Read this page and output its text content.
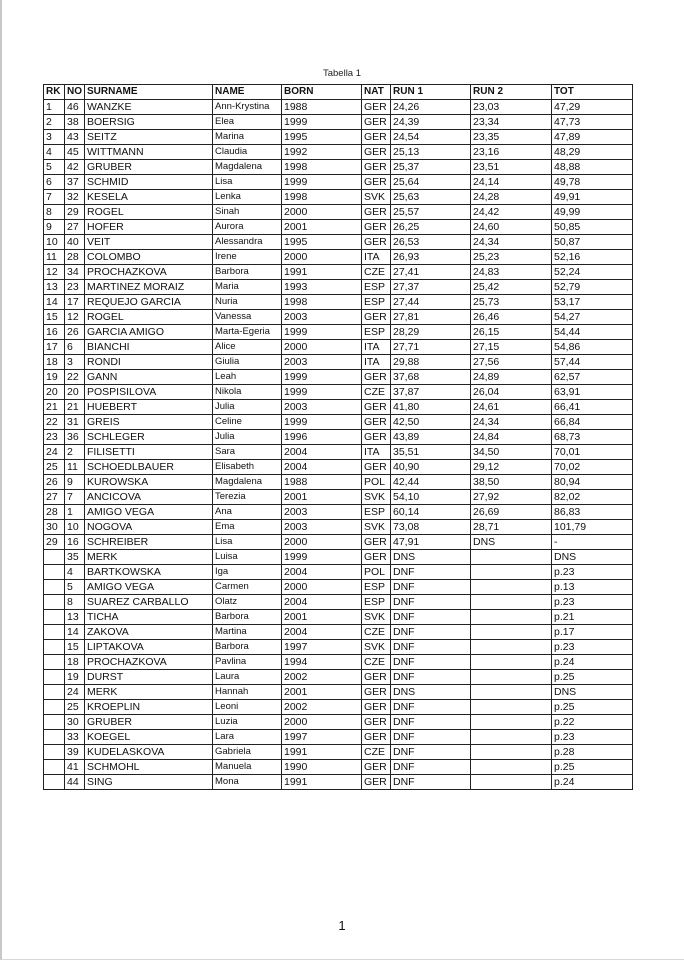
Tabella 1
RK	NO	SURNAME	NAME	BORN	NAT	RUN 1	RUN 2	TOT
1	46	WANZKE	Ann-Krystina	1988	GER	24,26	23,03	47,29
2	38	BOERSIG	Elea	1999	GER	24,39	23,34	47,73
3	43	SEITZ	Marina	1995	GER	24,54	23,35	47,89
4	45	WITTMANN	Claudia	1992	GER	25,13	23,16	48,29
5	42	GRUBER	Magdalena	1998	GER	25,37	23,51	48,88
6	37	SCHMID	Lisa	1999	GER	25,64	24,14	49,78
7	32	KESELA	Lenka	1998	SVK	25,63	24,28	49,91
8	29	ROGEL	Sinah	2000	GER	25,57	24,42	49,99
9	27	HOFER	Aurora	2001	GER	26,25	24,60	50,85
10	40	VEIT	Alessandra	1995	GER	26,53	24,34	50,87
11	28	COLOMBO	Irene	2000	ITA	26,93	25,23	52,16
12	34	PROCHAZKOVA	Barbora	1991	CZE	27,41	24,83	52,24
13	23	MARTINEZ MORAIZ	Maria	1993	ESP	27,37	25,42	52,79
14	17	REQUEJO GARCIA	Nuria	1998	ESP	27,44	25,73	53,17
15	12	ROGEL	Vanessa	2003	GER	27,81	26,46	54,27
16	26	GARCIA AMIGO	Marta-Egeria	1999	ESP	28,29	26,15	54,44
17	6	BIANCHI	Alice	2000	ITA	27,71	27,15	54,86
18	3	RONDI	Giulia	2003	ITA	29,88	27,56	57,44
19	22	GANN	Leah	1999	GER	37,68	24,89	62,57
20	20	POSPISILOVA	Nikola	1999	CZE	37,87	26,04	63,91
21	21	HUEBERT	Julia	2003	GER	41,80	24,61	66,41
22	31	GREIS	Celine	1999	GER	42,50	24,34	66,84
23	36	SCHLEGER	Julia	1996	GER	43,89	24,84	68,73
24	2	FILISETTI	Sara	2004	ITA	35,51	34,50	70,01
25	11	SCHOEDLBAUER	Elisabeth	2004	GER	40,90	29,12	70,02
26	9	KUROWSKA	Magdalena	1988	POL	42,44	38,50	80,94
27	7	ANCICOVA	Terezia	2001	SVK	54,10	27,92	82,02
28	1	AMIGO VEGA	Ana	2003	ESP	60,14	26,69	86,83
30	10	NOGOVA	Ema	2003	SVK	73,08	28,71	101,79
29	16	SCHREIBER	Lisa	2000	GER	47,91	DNS	-
	35	MERK	Luisa	1999	GER	DNS		DNS
	4	BARTKOWSKA	Iga	2004	POL	DNF		p.23
	5	AMIGO VEGA	Carmen	2000	ESP	DNF		p.13
	8	SUAREZ CARBALLO	Olatz	2004	ESP	DNF		p.23
	13	TICHA	Barbora	2001	SVK	DNF		p.21
	14	ZAKOVA	Martina	2004	CZE	DNF		p.17
	15	LIPTAKOVA	Barbora	1997	SVK	DNF		p.23
	18	PROCHAZKOVA	Pavlina	1994	CZE	DNF		p.24
	19	DURST	Laura	2002	GER	DNF		p.25
	24	MERK	Hannah	2001	GER	DNS		DNS
	25	KROEPLIN	Leoni	2002	GER	DNF		p.25
	30	GRUBER	Luzia	2000	GER	DNF		p.22
	33	KOEGEL	Lara	1997	GER	DNF		p.23
	39	KUDELASKOVA	Gabriela	1991	CZE	DNF		p.28
	41	SCHMOHL	Manuela	1990	GER	DNF		p.25
	44	SING	Mona	1991	GER	DNF		p.24
1
